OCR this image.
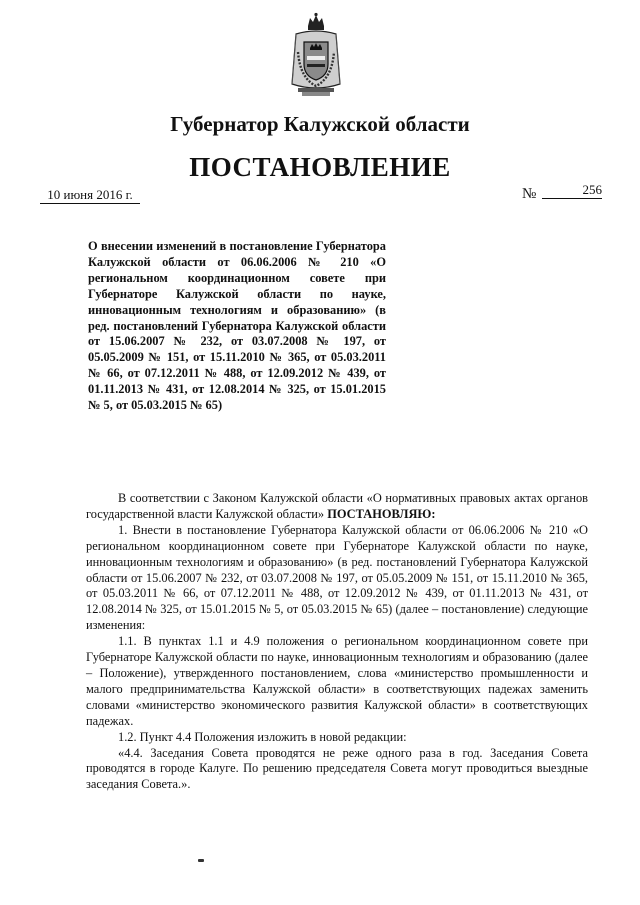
Губернатор Калужской области
ПОСТАНОВЛЕНИЕ
10 июня 2016 г.	№	256

О внесении изменений в постановление Губернатора Калужской области от 06.06.2006 № 210 «О региональном координационном совете при Губернаторе Калужской области по науке, инновационным технологиям и образованию» (в ред. постановлений Губернатора Калужской области от 15.06.2007 № 232, от 03.07.2008 № 197, от 05.05.2009 № 151, от 15.11.2010 № 365, от 05.03.2011 № 66, от 07.12.2011 № 488, от 12.09.2012 № 439, от 01.11.2013 № 431, от 12.08.2014 № 325, от 15.01.2015 № 5, от 05.03.2015 № 65)

В соответствии с Законом Калужской области «О нормативных правовых актах органов государственной власти Калужской области» ПОСТАНОВЛЯЮ:

1. Внести в постановление Губернатора Калужской области от 06.06.2006 № 210 «О региональном координационном совете при Губернаторе Калужской области по науке, инновационным технологиям и образованию» (в ред. постановлений Губернатора Калужской области от 15.06.2007 № 232, от 03.07.2008 № 197, от 05.05.2009 № 151, от 15.11.2010 № 365, от 05.03.2011 № 66, от 07.12.2011 № 488, от 12.09.2012 № 439, от 01.11.2013 № 431, от 12.08.2014 № 325, от 15.01.2015 № 5, от 05.03.2015 № 65) (далее – постановление) следующие изменения:

1.1. В пунктах 1.1 и 4.9 положения о региональном координационном совете при Губернаторе Калужской области по науке, инновационным технологиям и образованию (далее – Положение), утвержденного постановлением, слова «министерство промышленности и малого предпринимательства Калужской области» в соответствующих падежах заменить словами «министерство экономического развития Калужской области» в соответствующих падежах.

1.2. Пункт 4.4 Положения изложить в новой редакции:

«4.4. Заседания Совета проводятся не реже одного раза в год. Заседания Совета проводятся в городе Калуге. По решению председателя Совета могут проводиться выездные заседания Совета.».
